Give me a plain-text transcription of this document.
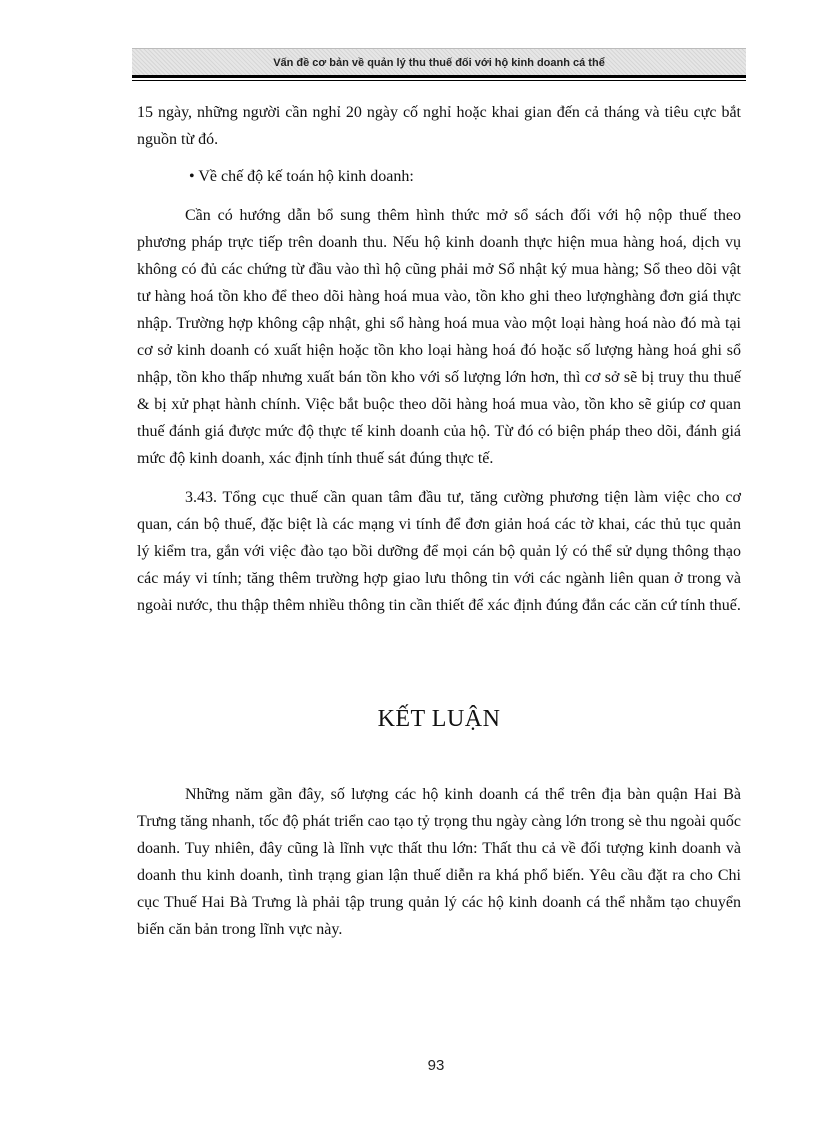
Vấn đề cơ bản về quản lý thu thuế đối với hộ kinh doanh cá thể

15 ngày, những người cần nghỉ 20 ngày cố nghỉ hoặc khai gian đến cả tháng và tiêu cực bắt nguồn từ đó.

• Về chế độ kế toán hộ kinh doanh:

Cần có hướng dẫn bổ sung thêm hình thức mở sổ sách đối với hộ nộp thuế theo phương pháp trực tiếp trên doanh thu. Nếu hộ kinh doanh thực hiện mua hàng hoá, dịch vụ không có đủ các chứng từ đầu vào thì hộ cũng phải mở Sổ nhật ký mua hàng; Sổ theo dõi vật tư hàng hoá tồn kho để theo dõi hàng hoá mua vào, tồn kho ghi theo lượnghàng đơn giá thực nhập. Trường hợp không cập nhật, ghi sổ hàng hoá mua vào một loại hàng hoá nào đó mà tại cơ sở kinh doanh có xuất hiện hoặc tồn kho loại hàng hoá đó hoặc số lượng hàng hoá ghi sổ nhập, tồn kho thấp nhưng xuất bán tồn kho với số lượng lớn hơn, thì cơ sở sẽ bị truy thu thuế & bị xử phạt hành chính. Việc bắt buộc theo dõi hàng hoá mua vào, tồn kho sẽ giúp cơ quan thuế đánh giá được mức độ thực tế kinh doanh của hộ. Từ đó có biện pháp theo dõi, đánh giá mức độ kinh doanh, xác định tính thuế sát đúng thực tế.

3.43. Tổng cục thuế cần quan tâm đầu tư, tăng cường phương tiện làm việc cho cơ quan, cán bộ thuế, đặc biệt là các mạng vi tính để đơn giản hoá các tờ khai, các thủ tục quản lý kiểm tra, gắn với việc đào tạo bồi dưỡng để mọi cán bộ quản lý có thể sử dụng thông thạo các máy vi tính; tăng thêm trường hợp giao lưu thông tin với các ngành liên quan ở trong và ngoài nước, thu thập thêm nhiều thông tin cần thiết để xác định đúng đắn các căn cứ tính thuế.

KẾT LUẬN

Những năm gần đây, số lượng các hộ kinh doanh cá thể trên địa bàn quận Hai Bà Trưng tăng nhanh, tốc độ phát triển cao tạo tỷ trọng thu ngày càng lớn trong sè thu ngoài quốc doanh. Tuy nhiên, đây cũng là lĩnh vực thất thu lớn: Thất thu cả về đối tượng kinh doanh và doanh thu kinh doanh, tình trạng gian lận thuế diễn ra khá phổ biến. Yêu cầu đặt ra cho Chi cục Thuế Hai Bà Trưng là phải tập trung quản lý các hộ kinh doanh cá thể nhằm tạo chuyển biến căn bản trong lĩnh vực này.

93
